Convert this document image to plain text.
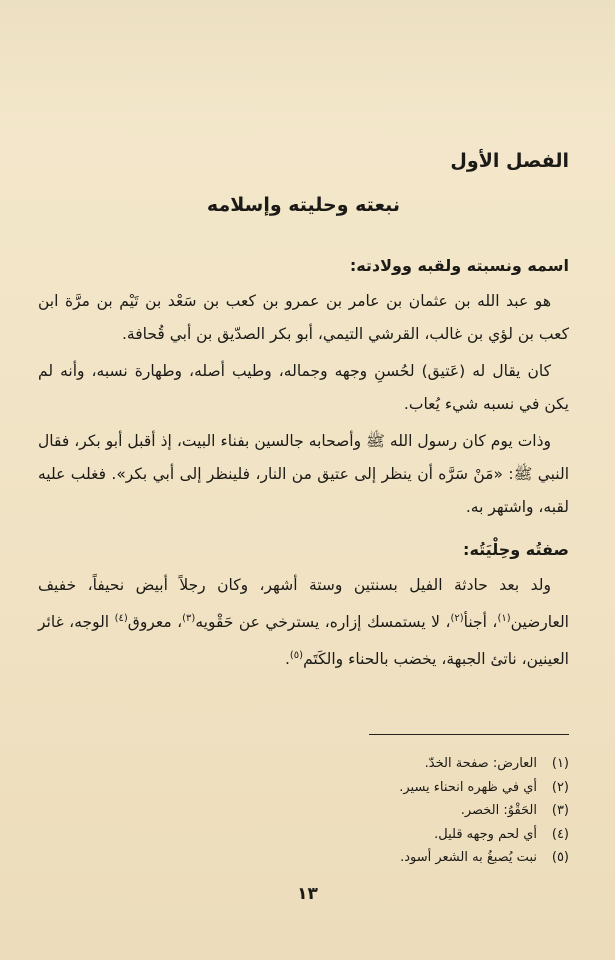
الفصل الأول
نبعته وحليته وإسلامه
اسمه ونسبته ولقبه وولادته:

هو عبد الله بن عثمان بن عامر بن عمرو بن كعب بن سَعْد بن تَيْم بن مرَّة ابن كعب بن لؤي بن غالب، القرشي التيمي، أبو بكر الصدّيق بن أبي قُحافة.

كان يقال له (عَتيق) لحُسنِ وجهه وجماله، وطيب أصله، وطهارة نسبه، وأنه لم يكن في نسبه شيء يُعاب.

وذات يوم كان رسول الله ﷺ وأصحابه جالسين بفناء البيت، إذ أقبل أبو بكر، فقال النبي ﷺ: «مَنْ سَرَّه أن ينظر إلى عتيق من النار، فلينظر إلى أبي بكر». فغلب عليه لقبه، واشتهر به.

صفتُه وحِلْيَتُه:

ولد بعد حادثة الفيل بسنتين وستة أشهر، وكان رجلاً أبيض نحيفاً، خفيف العارضين$^{(١)}$، أجنأ$^{(٢)}$، لا يستمسك إزاره، يسترخي عن حَقْويه$^{(٣)}$، معروق$^{(٤)}$ الوجه، غائر العينين، ناتئ الجبهة، يخضب بالحناء والكَتَم$^{(٥)}$.

(١)العارض: صفحة الخدّ.
(٢)أي في ظهره انحناء يسير.
(٣)الحَقْوُ: الخصر.
(٤)أي لحم وجهه قليل.
(٥)نبت يُصبغُ به الشعر أسود.
١٣
